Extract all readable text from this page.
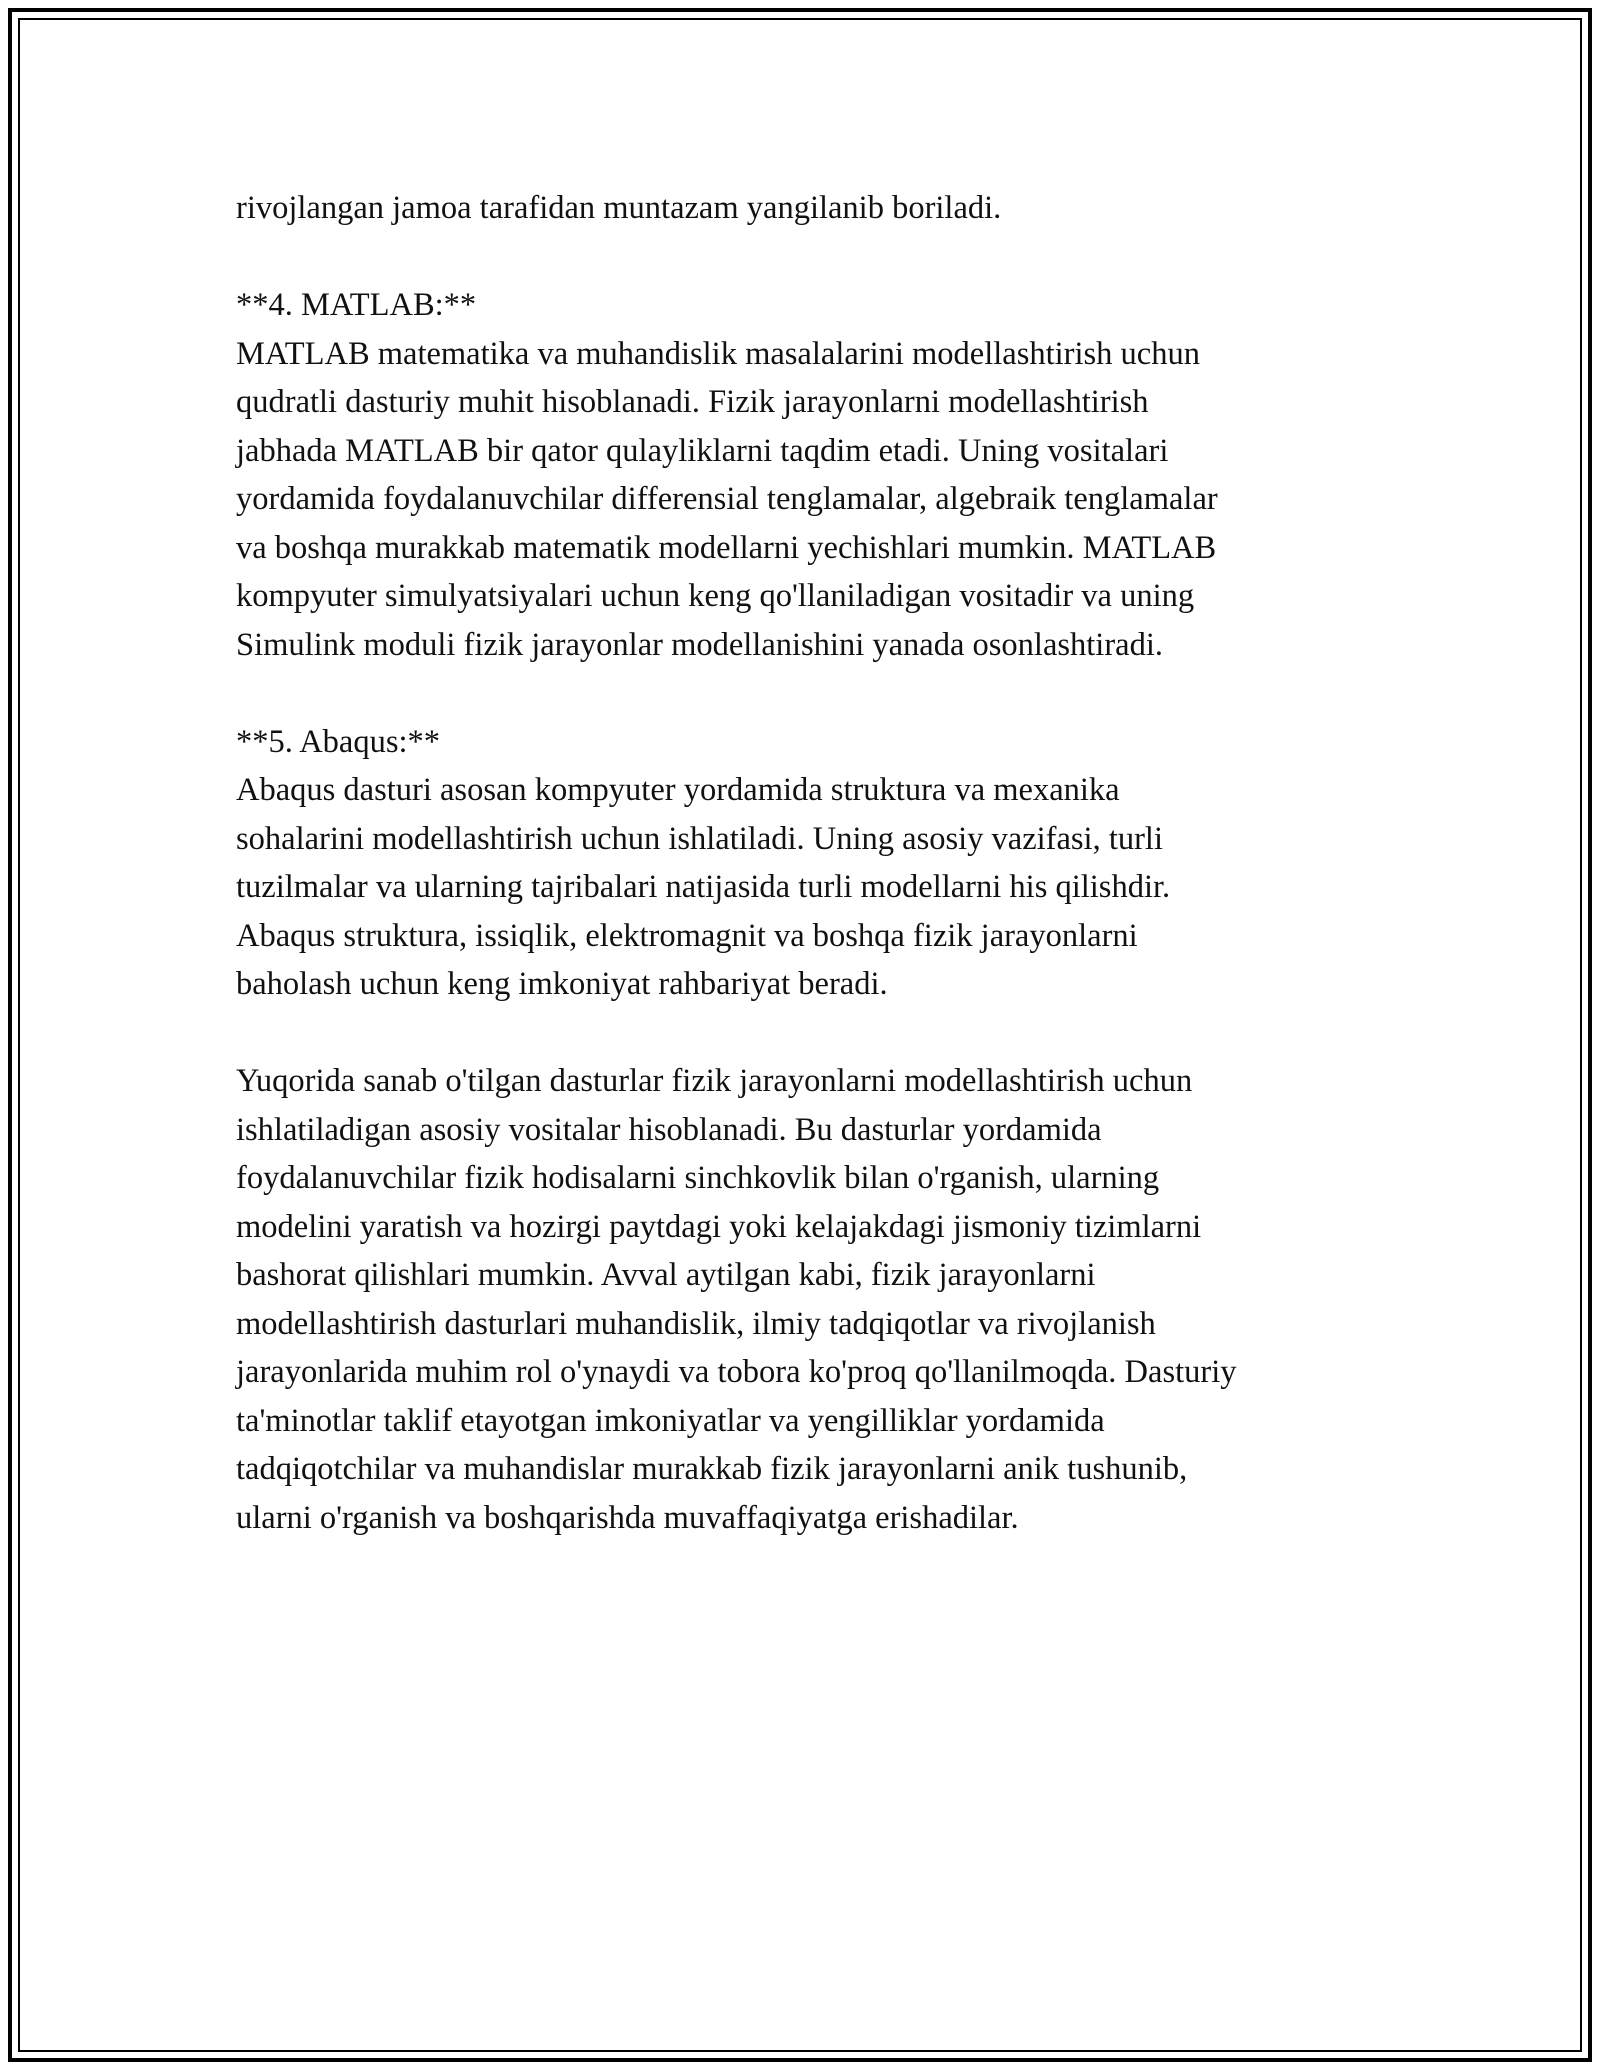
rivojlangan jamoa tarafidan muntazam yangilanib boriladi.
**4. MATLAB:**
MATLAB matematika va muhandislik masalalarini modellashtirish uchun
qudratli dasturiy muhit hisoblanadi. Fizik jarayonlarni modellashtirish
jabhada MATLAB bir qator qulayliklarni taqdim etadi. Uning vositalari
yordamida foydalanuvchilar differensial tenglamalar, algebraik tenglamalar
va boshqa murakkab matematik modellarni yechishlari mumkin. MATLAB
kompyuter simulyatsiyalari uchun keng qo'llaniladigan vositadir va uning
Simulink moduli fizik jarayonlar modellanishini yanada osonlashtiradi.
**5. Abaqus:**
Abaqus dasturi asosan kompyuter yordamida struktura va mexanika
sohalarini modellashtirish uchun ishlatiladi. Uning asosiy vazifasi, turli
tuzilmalar va ularning tajribalari natijasida turli modellarni his qilishdir.
Abaqus struktura, issiqlik, elektromagnit va boshqa fizik jarayonlarni
baholash uchun keng imkoniyat rahbariyat beradi.
Yuqorida sanab o'tilgan dasturlar fizik jarayonlarni modellashtirish uchun
ishlatiladigan asosiy vositalar hisoblanadi. Bu dasturlar yordamida
foydalanuvchilar fizik hodisalarni sinchkovlik bilan o'rganish, ularning
modelini yaratish va hozirgi paytdagi yoki kelajakdagi jismoniy tizimlarni
bashorat qilishlari mumkin. Avval aytilgan kabi, fizik jarayonlarni
modellashtirish dasturlari muhandislik, ilmiy tadqiqotlar va rivojlanish
jarayonlarida muhim rol o'ynaydi va tobora ko'proq qo'llanilmoqda. Dasturiy
ta'minotlar taklif etayotgan imkoniyatlar va yengilliklar yordamida
tadqiqotchilar va muhandislar murakkab fizik jarayonlarni anik tushunib,
ularni o'rganish va boshqarishda muvaffaqiyatga erishadilar.
